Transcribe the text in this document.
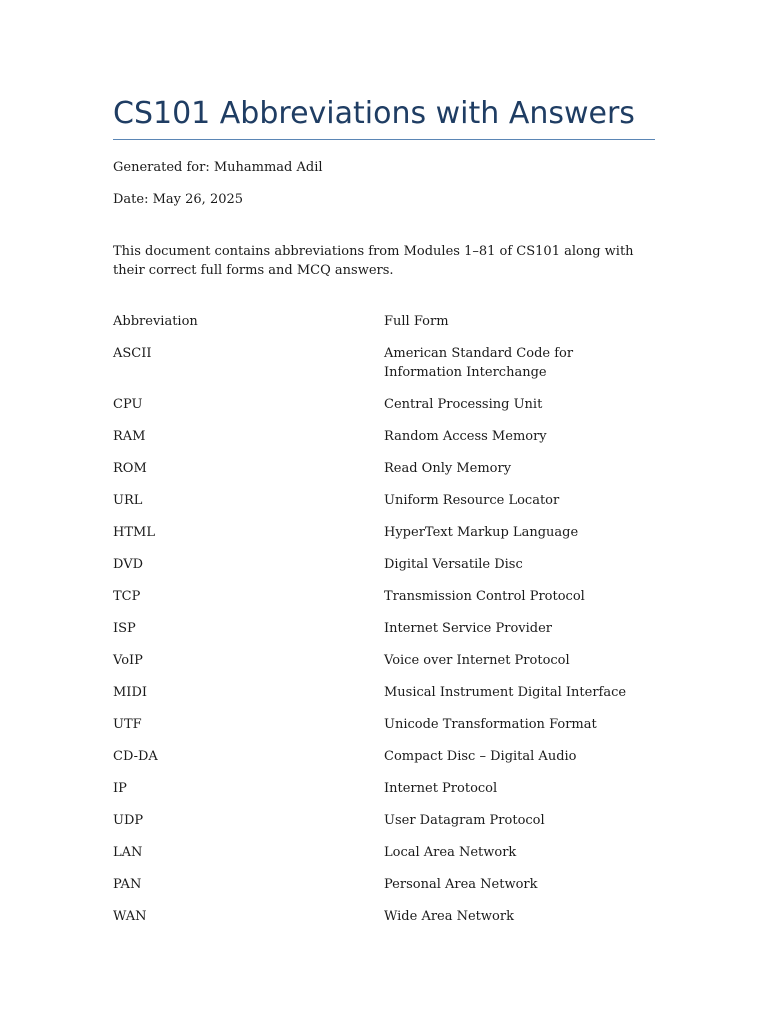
CS101 Abbreviations with Answers

Generated for: Muhammad Adil

Date: May 26, 2025

This document contains abbreviations from Modules 1–81 of CS101 along with their correct full forms and MCQ answers.

Abbreviation	Full Form
ASCII	American Standard Code for Information Interchange
CPU	Central Processing Unit
RAM	Random Access Memory
ROM	Read Only Memory
URL	Uniform Resource Locator
HTML	HyperText Markup Language
DVD	Digital Versatile Disc
TCP	Transmission Control Protocol
ISP	Internet Service Provider
VoIP	Voice over Internet Protocol
MIDI	Musical Instrument Digital Interface
UTF	Unicode Transformation Format
CD-DA	Compact Disc – Digital Audio
IP	Internet Protocol
UDP	User Datagram Protocol
LAN	Local Area Network
PAN	Personal Area Network
WAN	Wide Area Network
